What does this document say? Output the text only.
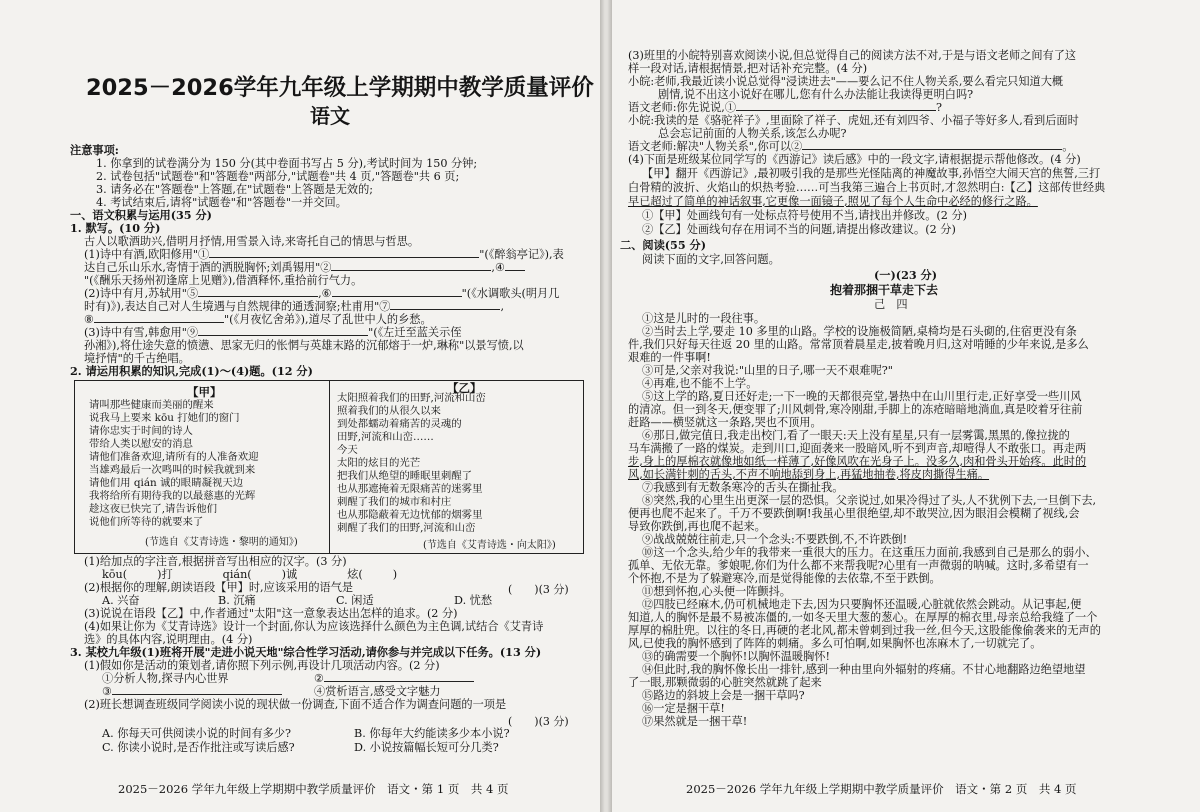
2025－2026学年九年级上学期期中教学质量评价
语文
注意事项:
1. 你拿到的试卷满分为 150 分(其中卷面书写占 5 分),考试时间为 150 分钟;
2. 试卷包括"试题卷"和"答题卷"两部分,"试题卷"共 4 页,"答题卷"共 6 页;
3. 请务必在"答题卷"上答题,在"试题卷"上答题是无效的;
4. 考试结束后,请将"试题卷"和"答题卷"一并交回。
一、语文积累与运用(35 分)
1. 默写。(10 分)
古人以歌酒助兴,借明月抒情,用雪景入诗,来寄托自己的情思与哲思。
(1)诗中有酒,欧阳修用"①	"(《醉翁亭记》),表
达自己乐山乐水,寄情于酒的洒脱胸怀;刘禹锡用"②	,④
"(《酬乐天扬州初逢席上见赠》),借酒释怀,重拾前行气力。
(2)诗中有月,苏轼用"⑤	,⑥	"(《水调歌头(明月几
时有)》),表达自己对人生境遇与自然规律的通透洞察;杜甫用"⑦	,
⑧	"(《月夜忆舍弟》),道尽了乱世中人的乡愁。
(3)诗中有雪,韩愈用"⑨	"(《左迁至蓝关示侄
孙湘》),将仕途失意的愤懑、思家无归的怅惘与英雄末路的沉郁熔于一炉,琳称"以景写愤,以
境抒情"的千古绝唱。
2. 请运用积累的知识,完成(1)～(4)题。(12 分)
【甲】	【乙】
请叫那些健康而美丽的醒来
说我马上要来 kōu 打她们的窗门
请你忠实于时间的诗人
带给人类以慰安的消息
请他们准备欢迎,请所有的人准备欢迎
当雄鸡最后一次鸣叫的时候我就到来
请他们用 qián 诚的眼睛凝视天边
我将给所有期待我的以最慈惠的光辉
趁这夜已快完了,请告诉他们
说他们所等待的就要来了
(节选自《艾青诗选・黎明的通知》)
太阳照着我们的田野,河流和山峦
照着我们的从很久以来
到处都蠕动着痛苦的灵魂的
田野,河流和山峦……
今天
太阳的炫目的光芒
把我们从绝望的睡眠里刺醒了
也从那遮掩着无限痛苦的迷雾里
刺醒了我们的城市和村庄
也从那隐蔽着无边忧郁的烟雾里
刺醒了我们的田野,河流和山峦
(节选自《艾青诗选・向太阳》)
(1)给加点的字注音,根据拼音写出相应的汉字。(3 分)
kōu(	)打	qián(	)诚	炫(	)
(2)根据你的理解,朗读语段【甲】时,应该采用的语气是	(　　)(3 分)
A. 兴奋	B. 沉痛	C. 闲适	D. 忧愁
(3)说说在语段【乙】中,作者通过"太阳"这一意象表达出怎样的追求。(2 分)
(4)如果让你为《艾青诗选》设计一个封面,你认为应该选择什么颜色为主色调,试结合《艾青诗
选》的具体内容,说明理由。(4 分)
3. 某校九年级(1)班将开展"走进小说天地"综合性学习活动,请你参与并完成以下任务。(13 分)
(1)假如你是活动的策划者,请你照下列示例,再设计几项活动内容。(2 分)
①分析人物,探寻内心世界	②
③	④赏析语言,感受文字魅力
(2)班长想调查班级同学阅读小说的现状做一份调查,下面不适合作为调查问题的一项是
(　　)(3 分)
A. 你每天可供阅读小说的时间有多少?	B. 你每年大约能读多少本小说?
C. 你读小说时,是否作批注或写读后感?	D. 小说按篇幅长短可分几类?
2025－2026 学年九年级上学期期中教学质量评价　语文・第 1 页　共 4 页
(3)班里的小皖特别喜欢阅读小说,但总觉得自己的阅读方法不对,于是与语文老师之间有了这
样一段对话,请根据情景,把对话补充完整。(4 分)
小皖:老师,我最近读小说总觉得"浸读进去"——要么记不住人物关系,要么看完只知道大概
剧情,说不出这小说好在哪儿,您有什么办法能让我读得更明白吗?
语文老师:你先说说,①	?
小皖:我读的是《骆驼祥子》,里面除了祥子、虎妞,还有刘四爷、小福子等好多人,看到后面时
总会忘记前面的人物关系,该怎么办呢?
语文老师:解决"人物关系",你可以②	。
(4)下面是班级某位同学写的《西游记》读后感》中的一段文字,请根据提示帮他修改。(4 分)
【甲】翻开《西游记》,最初吸引我的是那些光怪陆离的神魔故事,孙悟空大闹天宫的焦誓,三打
白骨精的波折、火焰山的炽热考验……可当我第三遍合上书页时,才忽然明白:【乙】这部传世经典
早已超过了简单的神话叙事,它更像一面镜子,照见了每个人生命中必经的修行之路。
①【甲】处画线句有一处标点符号使用不当,请找出并修改。(2 分)
②【乙】处画线句存在用词不当的问题,请提出修改建议。(2 分)
二、阅读(55 分)
阅读下面的文字,回答问题。
(一)(23 分)
抱着那捆干草走下去
己　四
①这是儿时的一段往事。
②当时去上学,要走 10 多里的山路。学校的设施极简陋,桌椅均是石头砌的,住宿更没有条
件,我们只好每天往返 20 里的山路。常常顶着晨星走,披着晚月归,这对啃睡的少年来说,是多么
艰难的一件事啊!
③可是,父亲对我说:"山里的日子,哪一天不艰难呢?"
④再难,也不能不上学。
⑤这上学的路,夏日还好走;一下一晚的天都很亮堂,暑热中在山川里行走,正好享受一些川风
的清凉。但一到冬天,便变罪了;川风刺骨,寒冷刚甜,手脚上的冻疮暗暗地淌血,真是咬着牙往前
赶路——横竖就这一条路,哭也不顶用。
⑥那日,做完值日,我走出校门,看了一眼天:天上没有星星,只有一层雾霭,黑黑的,像拉拢的
马车满搬了一路的煤炭。走到川口,迎面袭来一股暗风,听不到声音,却噎得人不敢张口。再走两
步,身上的厚棉衣就像地如纸一样薄了,好像风吹在光身子上。没多久,肉和骨头开始疼。此时的
风,如长满针刺的舌头,不声不响地舔到身上,再猛地抽卷,将皮肉撕得生痛。
⑦我感到有无数条寒冷的舌头在撕扯我。
⑧突然,我的心里生出更深一层的恐惧。父亲说过,如果冷得过了头,人不犹例下去,一旦倒下去,
便再也爬不起来了。千万不要跌倒啊!我虽心里很绝望,却不敢哭泣,因为眼泪会模糊了视线,会
导致你跌倒,再也爬不起来。
⑨战战兢兢往前走,只一个念头:不要跌倒,不,不许跌倒!
⑩这一个念头,给少年的我带来一重很大的压力。在这重压力面前,我感到自己是那么的弱小、
孤单、无依无靠。爹娘呢,你们为什么都不来帮我呢?心里有一声微弱的呐喊。这时,多希望有一
个怀抱,不是为了躲避寒冷,而是觉得能像的去依靠,不至于跌倒。
⑪想到怀抱,心头便一阵颤抖。
⑫四肢已经麻木,仍可机械地走下去,因为只要胸怀还温暖,心脏就依然会跳动。从记事起,便
知道,人的胸怀是最不易被冻僵的,一如冬天里大葱的葱心。在厚厚的棉衣里,母亲总给我缝了一个
厚厚的棉肚兜。以往的冬日,再硬的老北风,都未曾刺到过我一丝,但今天,这股能像偷袭来的无声的
风,已使我的胸怀感到了阵阵的刺痛。多么可怕啊,如果胸怀也冻麻木了,一切就完了。
⑬的确需要一个胸怀!以胸怀温暖胸怀!
⑭但此时,我的胸怀像长出一排针,感到一种由里向外辐射的疼痛。不甘心地翻路边绝望地望
了一眼,那颗微弱的心脏突然就跳了起来
⑮路边的斜坡上会是一捆干草吗?
⑯一定是捆干草!
⑰果然就是一捆干草!
2025－2026 学年九年级上学期期中教学质量评价　语文・第 2 页　共 4 页
